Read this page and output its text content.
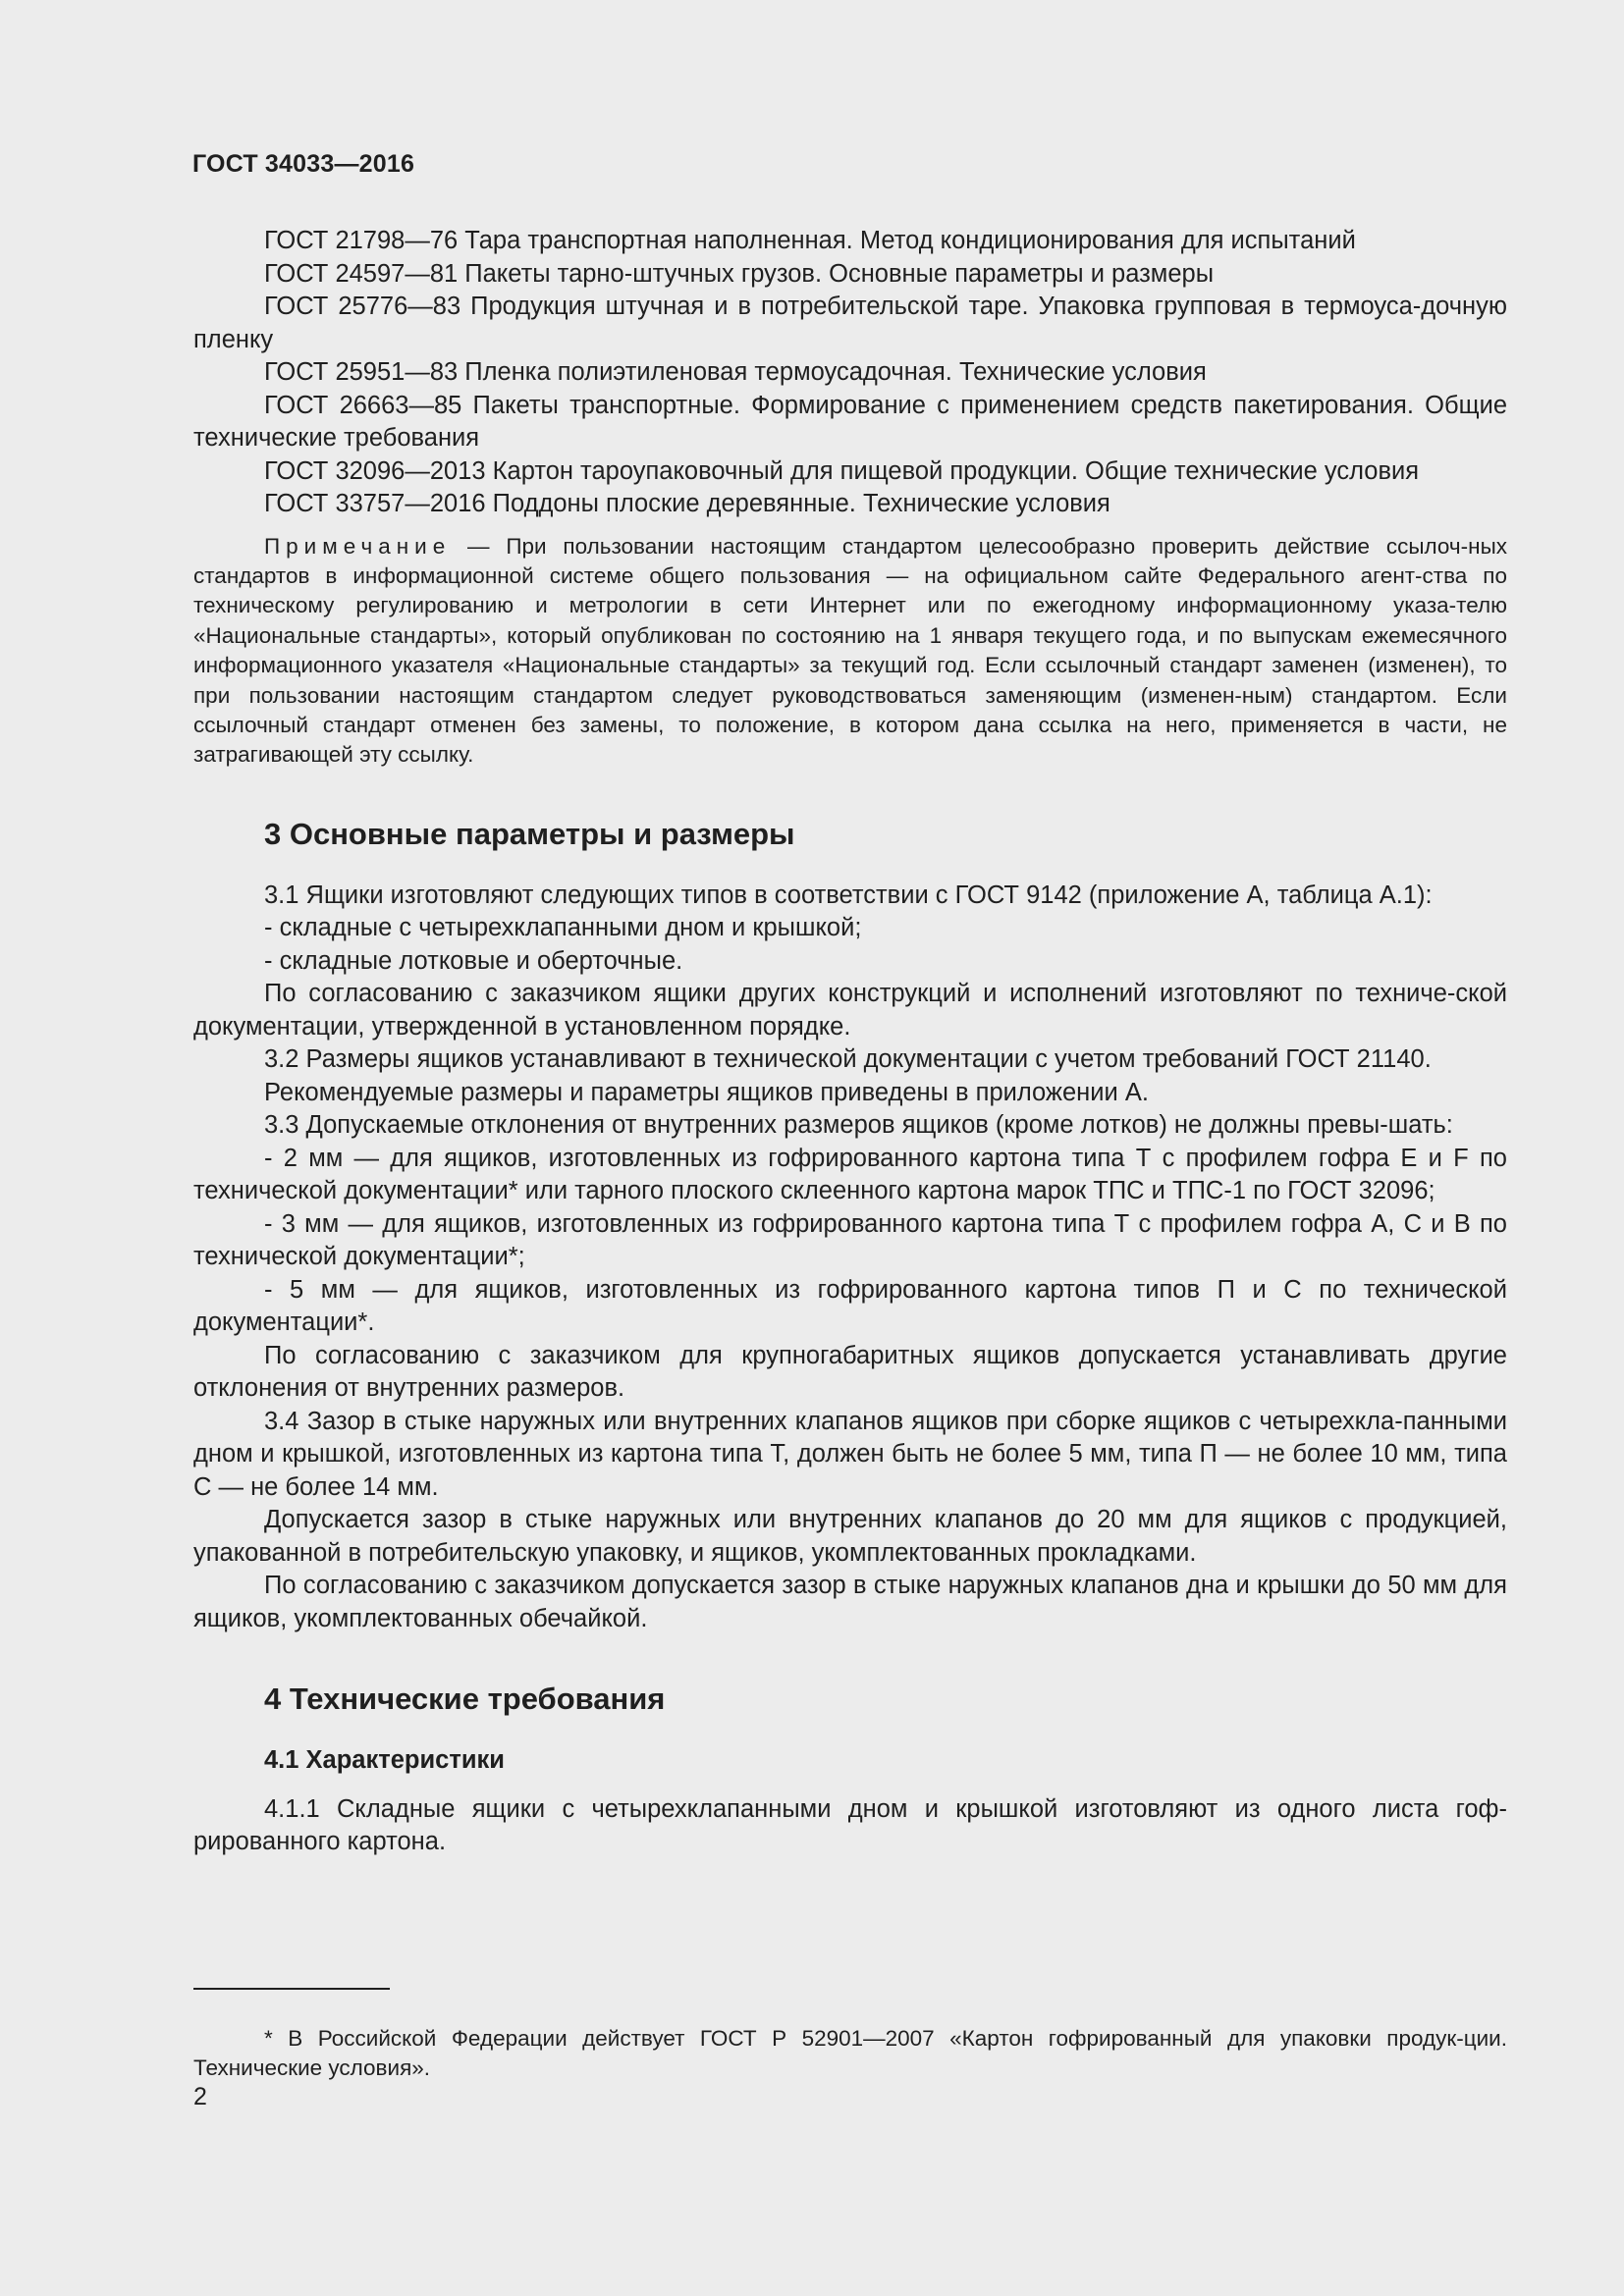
ГОСТ 34033—2016

ГОСТ 21798—76 Тара транспортная наполненная. Метод кондиционирования для испытаний

ГОСТ 24597—81 Пакеты тарно-штучных грузов. Основные параметры и размеры

ГОСТ 25776—83 Продукция штучная и в потребительской таре. Упаковка групповая в термоуса-дочную пленку

ГОСТ 25951—83 Пленка полиэтиленовая термоусадочная. Технические условия

ГОСТ 26663—85 Пакеты транспортные. Формирование с применением средств пакетирования. Общие технические требования

ГОСТ 32096—2013 Картон тароупаковочный для пищевой продукции. Общие технические условия

ГОСТ 33757—2016 Поддоны плоские деревянные. Технические условия

Примечание — При пользовании настоящим стандартом целесообразно проверить действие ссылоч-ных стандартов в информационной системе общего пользования — на официальном сайте Федерального агент-ства по техническому регулированию и метрологии в сети Интернет или по ежегодному информационному указа-телю «Национальные стандарты», который опубликован по состоянию на 1 января текущего года, и по выпускам ежемесячного информационного указателя «Национальные стандарты» за текущий год. Если ссылочный стандарт заменен (изменен), то при пользовании настоящим стандартом следует руководствоваться заменяющим (изменен-ным) стандартом. Если ссылочный стандарт отменен без замены, то положение, в котором дана ссылка на него, применяется в части, не затрагивающей эту ссылку.

3 Основные параметры и размеры

3.1 Ящики изготовляют следующих типов в соответствии с ГОСТ 9142 (приложение А, таблица А.1):

- складные с четырехклапанными дном и крышкой;

- складные лотковые и оберточные.

По согласованию с заказчиком ящики других конструкций и исполнений изготовляют по техниче-ской документации, утвержденной в установленном порядке.

3.2 Размеры ящиков устанавливают в технической документации с учетом требований ГОСТ 21140.

Рекомендуемые размеры и параметры ящиков приведены в приложении А.

3.3 Допускаемые отклонения от внутренних размеров ящиков (кроме лотков) не должны превы-шать:

- 2 мм — для ящиков, изготовленных из гофрированного картона типа Т с профилем гофра Е и F по технической документации* или тарного плоского склеенного картона марок ТПС и ТПС-1 по ГОСТ 32096;

- 3 мм — для ящиков, изготовленных из гофрированного картона типа Т с профилем гофра А, С и В по технической документации*;

- 5 мм — для ящиков, изготовленных из гофрированного картона типов П и С по технической документации*.

По согласованию с заказчиком для крупногабаритных ящиков допускается устанавливать другие отклонения от внутренних размеров.

3.4 Зазор в стыке наружных или внутренних клапанов ящиков при сборке ящиков с четырехкла-панными дном и крышкой, изготовленных из картона типа Т, должен быть не более 5 мм, типа П — не более 10 мм, типа С — не более 14 мм.

Допускается зазор в стыке наружных или внутренних клапанов до 20 мм для ящиков с продукцией, упакованной в потребительскую упаковку, и ящиков, укомплектованных прокладками.

По согласованию с заказчиком допускается зазор в стыке наружных клапанов дна и крышки до 50 мм для ящиков, укомплектованных обечайкой.

4 Технические требования
4.1 Характеристики

4.1.1 Складные ящики с четырехклапанными дном и крышкой изготовляют из одного листа гоф-рированного картона.

* В Российской Федерации действует ГОСТ Р 52901—2007 «Картон гофрированный для упаковки продук-ции. Технические условия».

2
